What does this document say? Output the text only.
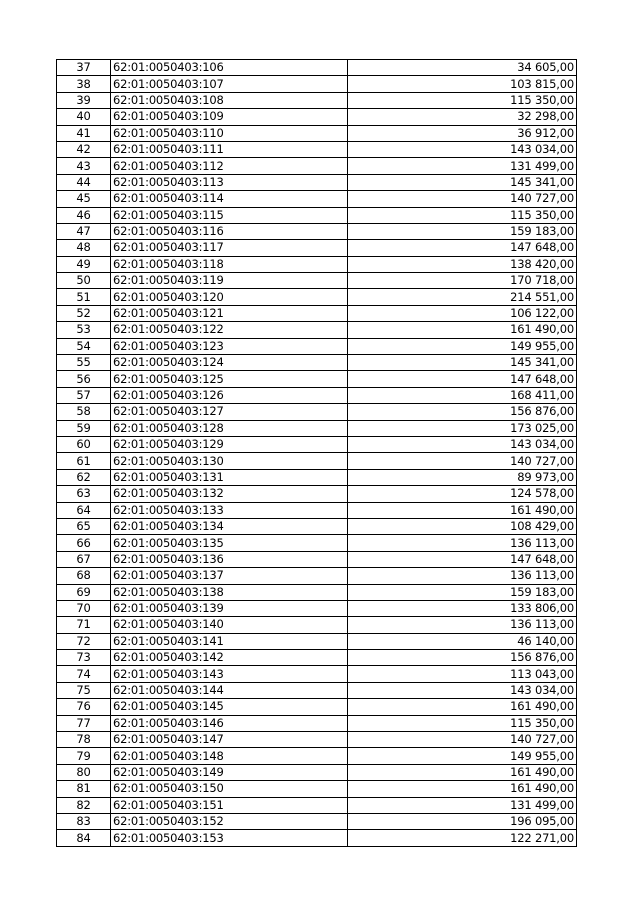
37	62:01:0050403:106	34 605,00
38	62:01:0050403:107	103 815,00
39	62:01:0050403:108	115 350,00
40	62:01:0050403:109	32 298,00
41	62:01:0050403:110	36 912,00
42	62:01:0050403:111	143 034,00
43	62:01:0050403:112	131 499,00
44	62:01:0050403:113	145 341,00
45	62:01:0050403:114	140 727,00
46	62:01:0050403:115	115 350,00
47	62:01:0050403:116	159 183,00
48	62:01:0050403:117	147 648,00
49	62:01:0050403:118	138 420,00
50	62:01:0050403:119	170 718,00
51	62:01:0050403:120	214 551,00
52	62:01:0050403:121	106 122,00
53	62:01:0050403:122	161 490,00
54	62:01:0050403:123	149 955,00
55	62:01:0050403:124	145 341,00
56	62:01:0050403:125	147 648,00
57	62:01:0050403:126	168 411,00
58	62:01:0050403:127	156 876,00
59	62:01:0050403:128	173 025,00
60	62:01:0050403:129	143 034,00
61	62:01:0050403:130	140 727,00
62	62:01:0050403:131	89 973,00
63	62:01:0050403:132	124 578,00
64	62:01:0050403:133	161 490,00
65	62:01:0050403:134	108 429,00
66	62:01:0050403:135	136 113,00
67	62:01:0050403:136	147 648,00
68	62:01:0050403:137	136 113,00
69	62:01:0050403:138	159 183,00
70	62:01:0050403:139	133 806,00
71	62:01:0050403:140	136 113,00
72	62:01:0050403:141	46 140,00
73	62:01:0050403:142	156 876,00
74	62:01:0050403:143	113 043,00
75	62:01:0050403:144	143 034,00
76	62:01:0050403:145	161 490,00
77	62:01:0050403:146	115 350,00
78	62:01:0050403:147	140 727,00
79	62:01:0050403:148	149 955,00
80	62:01:0050403:149	161 490,00
81	62:01:0050403:150	161 490,00
82	62:01:0050403:151	131 499,00
83	62:01:0050403:152	196 095,00
84	62:01:0050403:153	122 271,00
